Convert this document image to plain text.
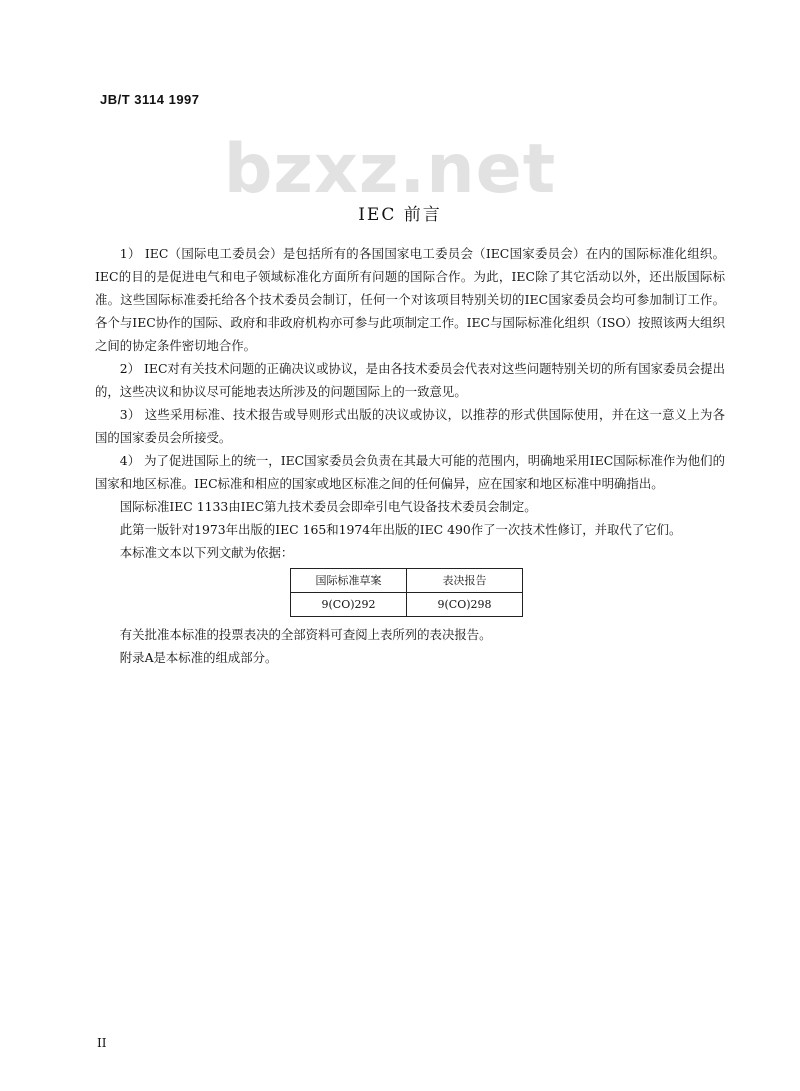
JB/T 3114 1997
bzxz.net
IEC 前言

1） IEC（国际电工委员会）是包括所有的各国国家电工委员会（IEC国家委员会）在内的国际标准化组织。IEC的目的是促进电气和电子领域标准化方面所有问题的国际合作。为此，IEC除了其它活动以外，还出版国际标准。这些国际标准委托给各个技术委员会制订，任何一个对该项目特别关切的IEC国家委员会均可参加制订工作。各个与IEC协作的国际、政府和非政府机构亦可参与此项制定工作。IEC与国际标准化组织（ISO）按照该两大组织之间的协定条件密切地合作。

2） IEC对有关技术问题的正确决议或协议，是由各技术委员会代表对这些问题特别关切的所有国家委员会提出的，这些决议和协议尽可能地表达所涉及的问题国际上的一致意见。

3） 这些采用标准、技术报告或导则形式出版的决议或协议，以推荐的形式供国际使用，并在这一意义上为各国的国家委员会所接受。

4） 为了促进国际上的统一，IEC国家委员会负责在其最大可能的范围内，明确地采用IEC国际标准作为他们的国家和地区标准。IEC标准和相应的国家或地区标准之间的任何偏异，应在国家和地区标准中明确指出。

国际标准IEC 1133由IEC第九技术委员会即牵引电气设备技术委员会制定。

此第一版针对1973年出版的IEC 165和1974年出版的IEC 490作了一次技术性修订，并取代了它们。

本标准文本以下列文献为依据：

国际标准草案	表决报告
9(CO)292	9(CO)298

有关批准本标准的投票表决的全部资料可查阅上表所列的表决报告。

附录A是本标准的组成部分。

II
